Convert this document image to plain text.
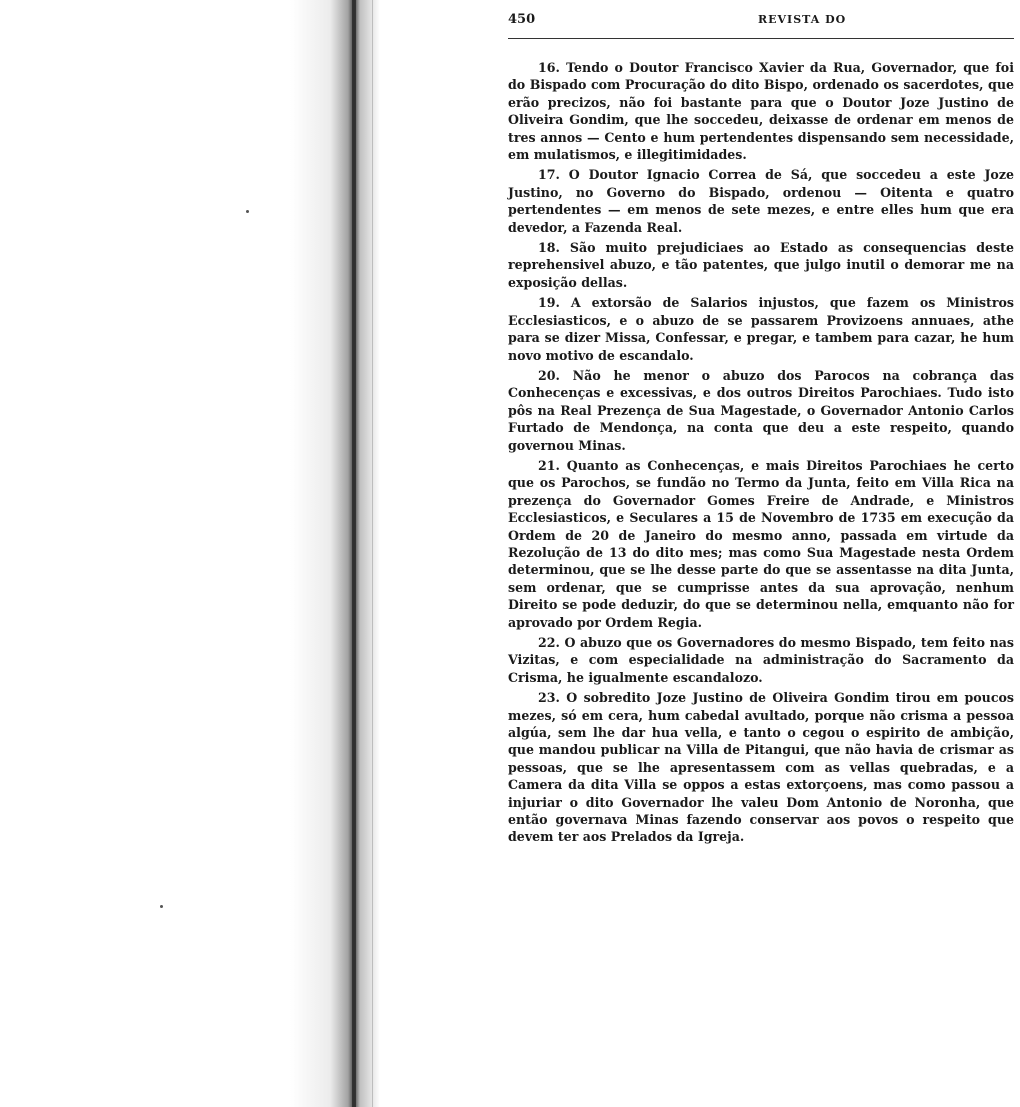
450	REVISTA DO

16. Tendo o Doutor Francisco Xavier da Rua, Governador, que foi do Bispado com Procuração do dito Bispo, ordenado os sacerdotes, que erão precizos, não foi bastante para que o Doutor Joze Justino de Oliveira Gondim, que lhe soccedeu, deixasse de ordenar em menos de tres annos — Cento e hum pertendentes dispensando sem necessidade, em mulatismos, e illegitimidades.

17. O Doutor Ignacio Correa de Sá, que soccedeu a este Joze Justino, no Governo do Bispado, ordenou — Oitenta e quatro pertendentes — em menos de sete mezes, e entre elles hum que era devedor, a Fazenda Real.

18. São muito prejudiciaes ao Estado as consequencias deste reprehensivel abuzo, e tão patentes, que julgo inutil o demorar me na exposição dellas.

19. A extorsão de Salarios injustos, que fazem os Ministros Ecclesiasticos, e o abuzo de se passarem Provizoens annuaes, athe para se dizer Missa, Confessar, e pregar, e tambem para cazar, he hum novo motivo de escandalo.

20. Não he menor o abuzo dos Parocos na cobrança das Conhecenças e excessivas, e dos outros Direitos Parochiaes. Tudo isto pôs na Real Prezença de Sua Magestade, o Governador Antonio Carlos Furtado de Mendonça, na conta que deu a este respeito, quando governou Minas.

21. Quanto as Conhecenças, e mais Direitos Parochiaes he certo que os Parochos, se fundão no Termo da Junta, feito em Villa Rica na prezença do Governador Gomes Freire de Andrade, e Ministros Ecclesiasticos, e Seculares a 15 de Novembro de 1735 em execução da Ordem de 20 de Janeiro do mesmo anno, passada em virtude da Rezolução de 13 do dito mes; mas como Sua Magestade nesta Ordem determinou, que se lhe desse parte do que se assentasse na dita Junta, sem ordenar, que se cumprisse antes da sua aprovação, nenhum Direito se pode deduzir, do que se determinou nella, emquanto não for aprovado por Ordem Regia.

22. O abuzo que os Governadores do mesmo Bispado, tem feito nas Vizitas, e com especialidade na administração do Sacramento da Crisma, he igualmente escandalozo.

23. O sobredito Joze Justino de Oliveira Gondim tirou em poucos mezes, só em cera, hum cabedal avultado, porque não crisma a pessoa algúa, sem lhe dar hua vella, e tanto o cegou o espirito de ambição, que mandou publicar na Villa de Pitangui, que não havia de crismar as pessoas, que se lhe apresentassem com as vellas quebradas, e a Camera da dita Villa se oppos a estas extorçoens, mas como passou a injuriar o dito Governador lhe valeu Dom Antonio de Noronha, que então governava Minas fazendo conservar aos povos o respeito que devem ter aos Prelados da Igreja.
